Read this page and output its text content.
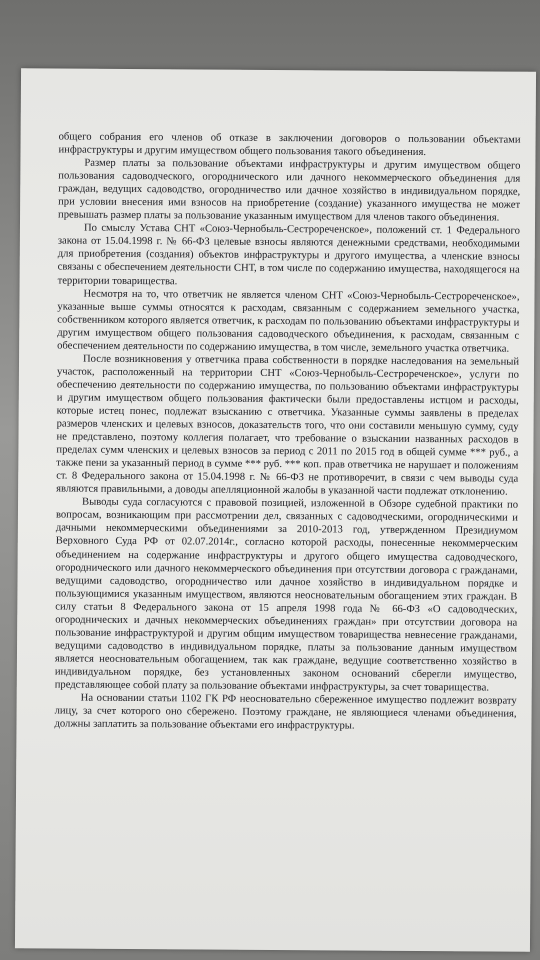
общего собрания его членов об отказе в заключении договоров о пользовании объектами инфраструктуры и другим имуществом общего пользования такого объединения.

Размер платы за пользование объектами инфраструктуры и другим имуществом общего пользования садоводческого, огороднического или дачного некоммерческого объединения для граждан, ведущих садоводство, огородничество или дачное хозяйство в индивидуальном порядке, при условии внесения ими взносов на приобретение (создание) указанного имущества не может превышать размер платы за пользование указанным имуществом для членов такого объединения.

По смыслу Устава СНТ «Союз-Чернобыль-Сестрореченское», положений ст. 1 Федерального закона от 15.04.1998 г. № 66-ФЗ целевые взносы являются денежными средствами, необходимыми для приобретения (создания) объектов инфраструктуры и другого имущества, а членские взносы связаны с обеспечением деятельности СНТ, в том числе по содержанию имущества, находящегося на территории товарищества.

Несмотря на то, что ответчик не является членом СНТ «Союз-Чернобыль-Сестрореченское», указанные выше суммы относятся к расходам, связанным с содержанием земельного участка, собственником которого является ответчик, к расходам по пользованию объектами инфраструктуры и другим имуществом общего пользования садоводческого объединения, к расходам, связанным с обеспечением деятельности по содержанию имущества, в том числе, земельного участка ответчика.

После возникновения у ответчика права собственности в порядке наследования на земельный участок, расположенный на территории СНТ «Союз-Чернобыль-Сестрореченское», услуги по обеспечению деятельности по содержанию имущества, по пользованию объектами инфраструктуры и другим имуществом общего пользования фактически были предоставлены истцом и расходы, которые истец понес, подлежат взысканию с ответчика. Указанные суммы заявлены в пределах размеров членских и целевых взносов, доказательств того, что они составили меньшую сумму, суду не представлено, поэтому коллегия полагает, что требование о взыскании названных расходов в пределах сумм членских и целевых взносов за период с 2011 по 2015 год в общей сумме *** руб., а также пени за указанный период в сумме *** руб. *** коп. прав ответчика не нарушает и положениям ст. 8 Федерального закона от 15.04.1998 г. № 66-ФЗ не противоречит, в связи с чем выводы суда являются правильными, а доводы апелляционной жалобы в указанной части подлежат отклонению.

Выводы суда согласуются с правовой позицией, изложенной в Обзоре судебной практики по вопросам, возникающим при рассмотрении дел, связанных с садоводческими, огородническими и дачными некоммерческими объединениями за 2010-2013 год, утвержденном Президиумом Верховного Суда РФ от 02.07.2014г., согласно которой расходы, понесенные некоммерческим объединением на содержание инфраструктуры и другого общего имущества садоводческого, огороднического или дачного некоммерческого объединения при отсутствии договора с гражданами, ведущими садоводство, огородничество или дачное хозяйство в индивидуальном порядке и пользующимися указанным имуществом, являются неосновательным обогащением этих граждан. В силу статьи 8 Федерального закона от 15 апреля 1998 года № 66-ФЗ «О садоводческих, огороднических и дачных некоммерческих объединениях граждан» при отсутствии договора на пользование инфраструктурой и другим общим имуществом товарищества невнесение гражданами, ведущими садоводство в индивидуальном порядке, платы за пользование данным имуществом является неосновательным обогащением, так как граждане, ведущие соответственно хозяйство в индивидуальном порядке, без установленных законом оснований сберегли имущество, представляющее собой плату за пользование объектами инфраструктуры, за счет товарищества.

На основании статьи 1102 ГК РФ неосновательно сбереженное имущество подлежит возврату лицу, за счет которого оно сбережено. Поэтому граждане, не являющиеся членами объединения, должны заплатить за пользование объектами его инфраструктуры.
